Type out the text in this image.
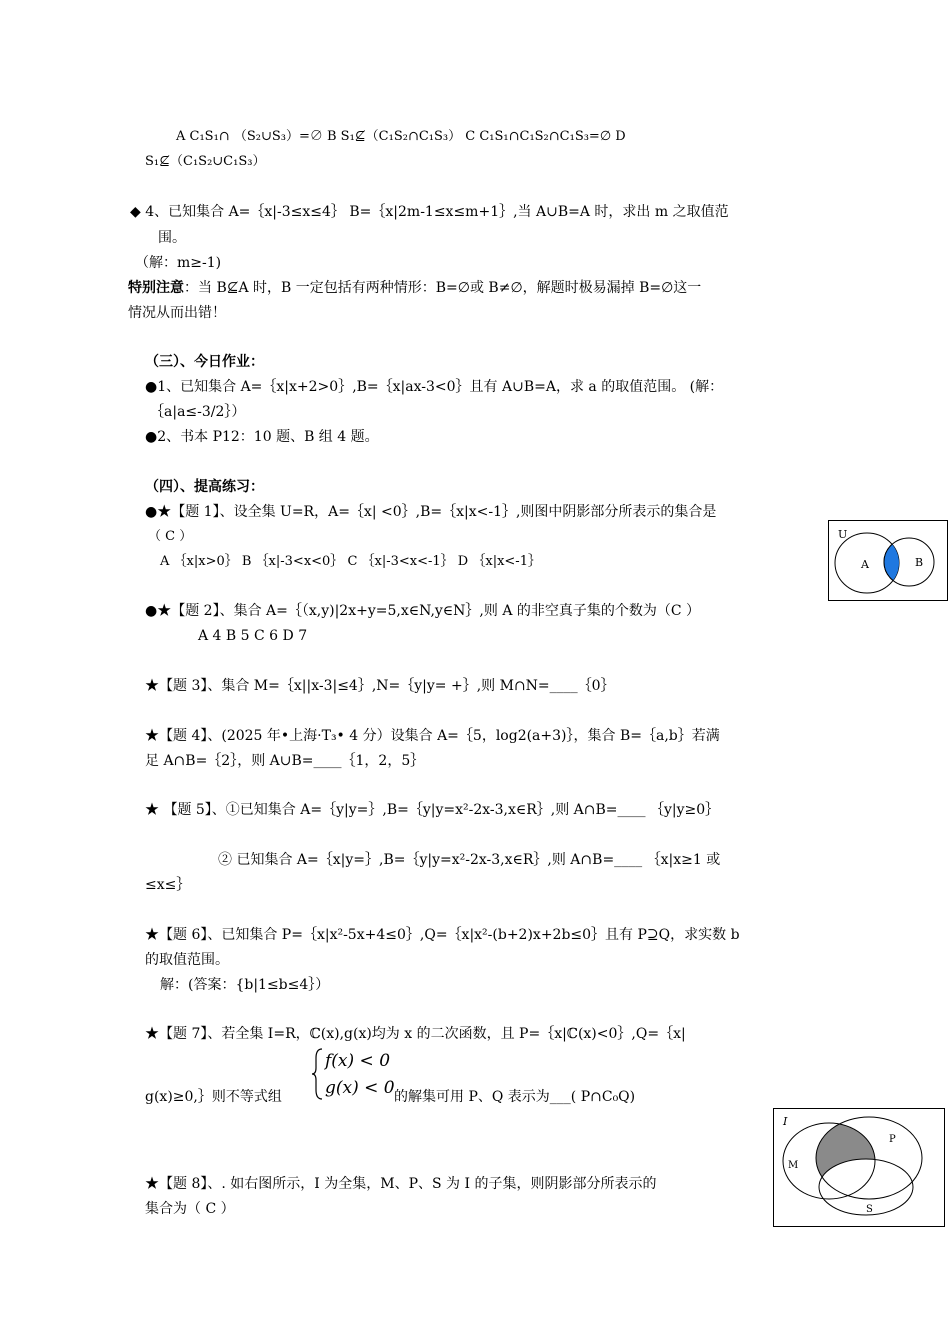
A C₁S₁∩ （S₂∪S₃）=∅ B S₁⊈（C₁S₂∩C₁S₃） C C₁S₁∩C₁S₂∩C₁S₃=∅ D
S₁⊈（C₁S₂∪C₁S₃）
◆ 4、已知集合 A=｛x|-3≤x≤4｝ B=｛x|2m-1≤x≤m+1｝,当 A∪B=A 时，求出 m 之取值范
围。
（解：m≥-1)
特别注意：当 B⊈A 时，B 一定包括有两种情形：B=∅或 B≠∅，解题时极易漏掉 B=∅这一
情况从而出错！
（三）、今日作业：
●1、已知集合 A=｛x|x+2>0｝,B=｛x|ax-3<0｝且有 A∪B=A，求 a 的取值范围。 (解：
｛a|a≤-3/2｝）
●2、书本 P12：10 题、B 组 4 题。
（四）、提高练习：
●★【题 1】、设全集 U=R，A=｛x| <0｝,B=｛x|x<-1｝,则图中阴影部分所表示的集合是
（ C ）
A ｛x|x>0｝ B ｛x|-3<x<0｝ C ｛x|-3<x<-1｝ D ｛x|x<-1｝
●★【题 2】、集合 A=｛（x,y)|2x+y=5,x∈N,y∈N｝,则 A 的非空真子集的个数为（C ）
A 4 B 5 C 6 D 7
★【题 3】、集合 M=｛x||x-3|≤4｝,N=｛y|y= +｝,则 M∩N=____｛0｝
★【题 4】、(2025 年•上海·T₃• 4 分）设集合 A=｛5，log2(a+3)｝，集合 B=｛a,b｝若满
足 A∩B=｛2｝，则 A∪B=____｛1，2，5｝
★ 【题 5】、①已知集合 A=｛y|y=｝,B=｛y|y=x²-2x-3,x∈R｝,则 A∩B=____ ｛y|y≥0｝
② 已知集合 A=｛x|y=｝,B=｛y|y=x²-2x-3,x∈R｝,则 A∩B=____ ｛x|x≥1 或
≤x≤｝
★【题 6】、已知集合 P=｛x|x²-5x+4≤0｝,Q=｛x|x²-(b+2)x+2b≤0｝且有 P⊇Q，求实数 b
的取值范围。
解：(答案：{b|1≤b≤4｝）
★【题 7】、若全集 I=R，ℂ(x),g(x)均为 x 的二次函数，且 P=｛x|ℂ(x)<0｝,Q=｛x|
g(x)≥0,｝则不等式组
f(x) < 0
g(x) < 0 的解集可用 P、Q 表示为___( P∩C₀Q)
★【题 8】、. 如右图所示，I 为全集，M、P、S 为 I 的子集，则阴影部分所表示的
集合为（ C ）
U
A	B
I
M
P
S
